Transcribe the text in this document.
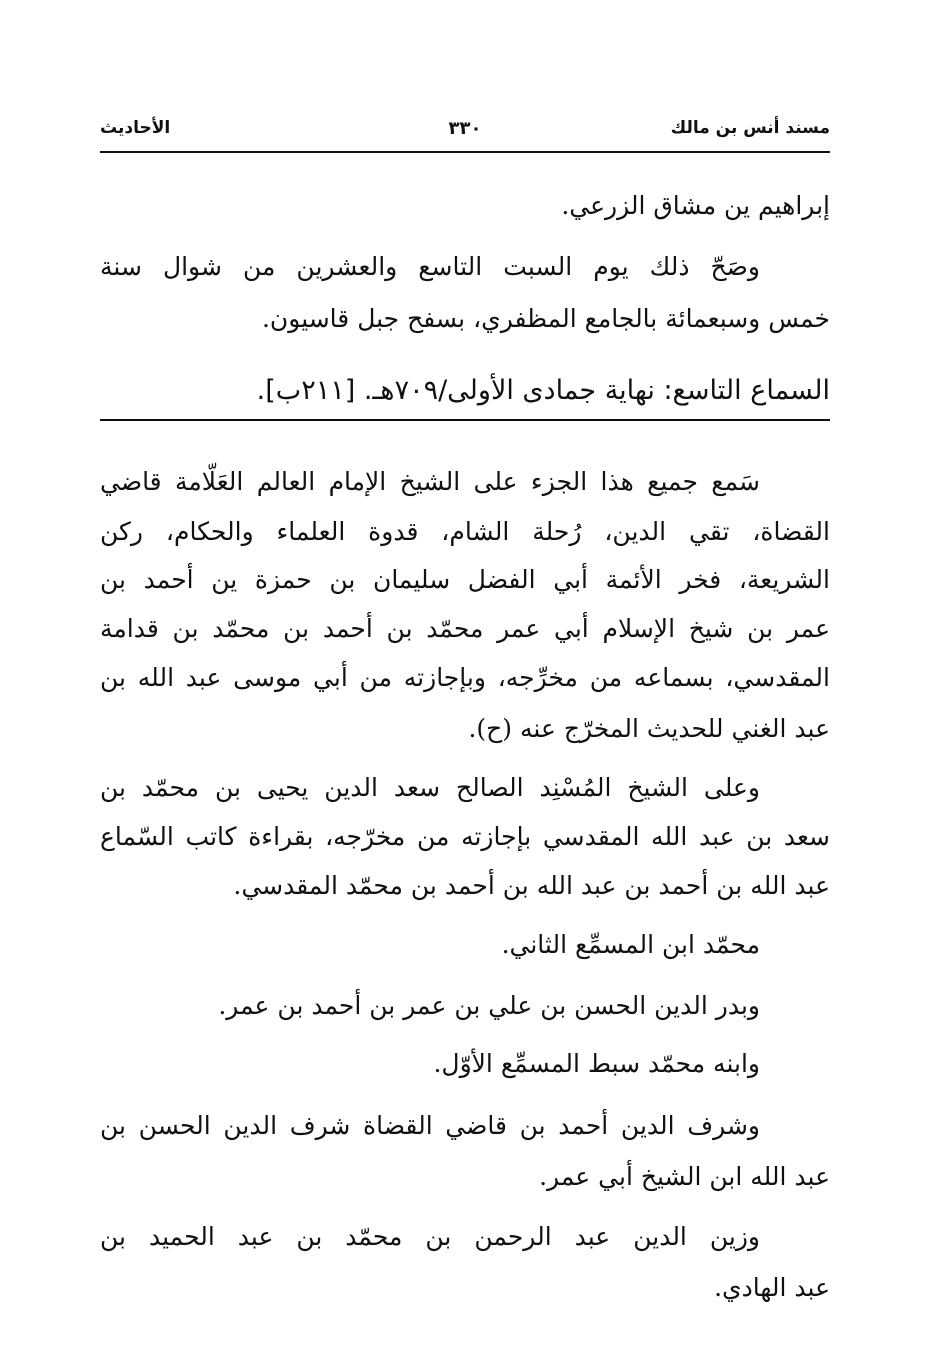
مسند أنس بن مالك
٣٣٠
الأحاديث
إبراهيم ين مشاق الزرعي.
وصَحّ ذلك يوم السبت التاسع والعشرين من شوال سنة
خمس وسبعمائة بالجامع المظفري، بسفح جبل قاسيون.
السماع التاسع: نهاية جمادى الأولى/٧٠٩هـ. [٢١١ب].
سَمع جميع هذا الجزء على الشيخ الإمام العالم العَلّامة قاضي
القضاة، تقي الدين، رُحلة الشام، قدوة العلماء والحكام، ركن
الشريعة، فخر الأئمة أبي الفضل سليمان بن حمزة ين أحمد بن
عمر بن شيخ الإسلام أبي عمر محمّد بن أحمد بن محمّد بن قدامة
المقدسي، بسماعه من مخرِّجه، وبإجازته من أبي موسى عبد الله بن
عبد الغني للحديث المخرّج عنه (ح).
وعلى الشيخ المُسْنِد الصالح سعد الدين يحيى بن محمّد بن
سعد بن عبد الله المقدسي بإجازته من مخرّجه، بقراءة كاتب السّماع
عبد الله بن أحمد بن عبد الله بن أحمد بن محمّد المقدسي.
محمّد ابن المسمِّع الثاني.
وبدر الدين الحسن بن علي بن عمر بن أحمد بن عمر.
وابنه محمّد سبط المسمِّع الأوّل.
وشرف الدين أحمد بن قاضي القضاة شرف الدين الحسن بن
عبد الله ابن الشيخ أبي عمر.
وزين الدين عبد الرحمن بن محمّد بن عبد الحميد بن
عبد الهادي.
